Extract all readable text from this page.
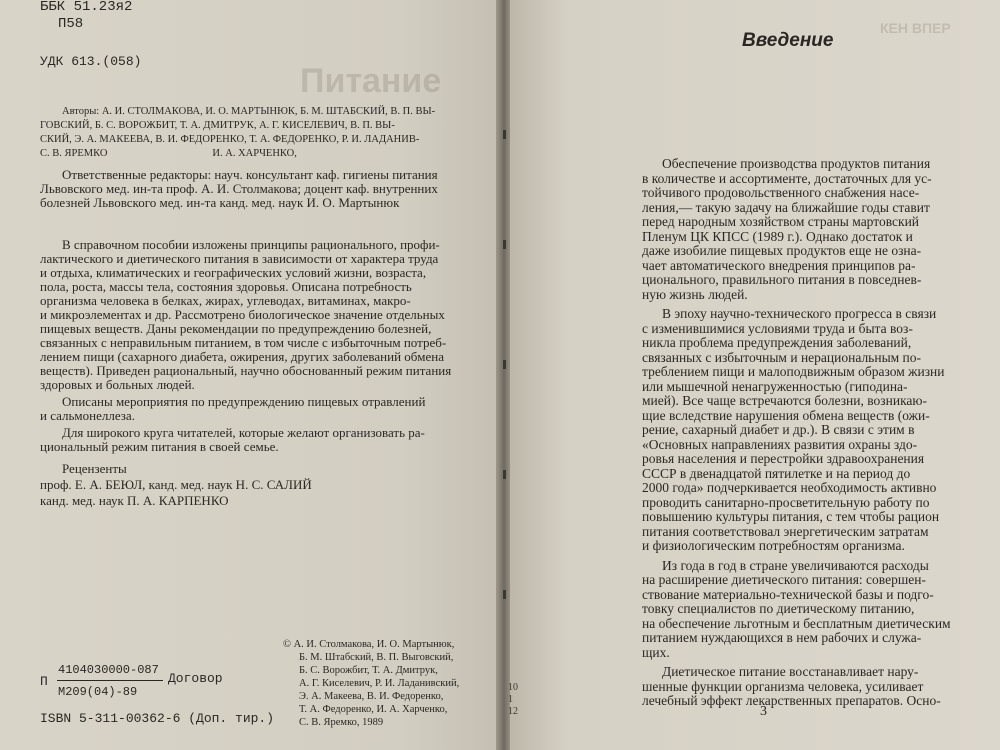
Питание
ББК 51.23я2
П58
УДК 613.(058)
Авторы: А. И. СТОЛМАКОВА, И. О. МАРТЫНЮК, Б. М. ШТАБСКИЙ, В. П. ВЫ-
ГОВСКИЙ, Б. С. ВОРОЖБИТ, Т. А. ДМИТРУК, А. Г. КИСЕЛЕВИЧ, В. П. ВЫ-
СКИЙ, Э. А. МАКЕЕВА, В. И. ФЕДОРЕНКО, Т. А. ФЕДОРЕНКО, Р. И. ЛАДАНИВ-
С. В. ЯРЕМКО                                        И. А. ХАРЧЕНКО,
Ответственные редакторы: науч. консультант каф. гигиены питания
Львовского мед. ин-та проф. А. И. Столмакова; доцент каф. внутренних
болезней Львовского мед. ин-та канд. мед. наук И. О. Мартынюк
В справочном пособии изложены принципы рационального, профи-
лактического и диетического питания в зависимости от характера труда
и отдыха, климатических и географических условий жизни, возраста,
пола, роста, массы тела, состояния здоровья. Описана потребность
организма человека в белках, жирах, углеводах, витаминах, макро-
и микроэлементах и др. Рассмотрено биологическое значение отдельных
пищевых веществ. Даны рекомендации по предупреждению болезней,
связанных с неправильным питанием, в том числе с избыточным потреб-
лением пищи (сахарного диабета, ожирения, других заболеваний обмена
веществ). Приведен рациональный, научно обоснованный режим питания
здоровых и больных людей.
Описаны мероприятия по предупреждению пищевых отравлений
и сальмонеллеза.
Для широкого круга читателей, которые желают организовать ра-
циональный режим питания в своей семье.
Рецензенты
проф. Е. А. БЕЮЛ, канд. мед. наук Н. С. САЛИЙ
канд. мед. наук П. А. КАРПЕНКО
© А. И. Столмакова, И. О. Мартынюк,
Б. М. Штабский, В. П. Выговский,
Б. С. Ворожбит, Т. А. Дмитрук,
А. Г. Киселевич, Р. И. Ладанивский,
Э. А. Макеева, В. И. Федоренко,
Т. А. Федоренко, И. А. Харченко,
С. В. Яремко, 1989
П
4104030000-087
М209(04)-89
Договор
ISBN 5-311-00362-6 (Доп. тир.)
КЕН ВПЕР
Введение
Обеспечение производства продуктов питания
в количестве и ассортименте, достаточных для ус-
тойчивого продовольственного снабжения насе-
ления,— такую задачу на ближайшие годы ставит
перед народным хозяйством страны мартовский
Пленум ЦК КПСС (1989 г.). Однако достаток и
даже изобилие пищевых продуктов еще не озна-
чает автоматического внедрения принципов ра-
ционального, правильного питания в повседнев-
ную жизнь людей.
В эпоху научно-технического прогресса в связи
с изменившимися условиями труда и быта воз-
никла проблема предупреждения заболеваний,
связанных с избыточным и нерациональным по-
треблением пищи и малоподвижным образом жизни
или мышечной ненагруженностью (гиподина-
мией). Все чаще встречаются болезни, возникаю-
щие вследствие нарушения обмена веществ (ожи-
рение, сахарный диабет и др.). В связи с этим в
«Основных направлениях развития охраны здо-
ровья населения и перестройки здравоохранения
СССР в двенадцатой пятилетке и на период до
2000 года» подчеркивается необходимость активно
проводить санитарно-просветительную работу по
повышению культуры питания, с тем чтобы рацион
питания соответствовал энергетическим затратам
и физиологическим потребностям организма.
Из года в год в стране увеличиваются расходы
на расширение диетического питания: совершен-
ствование материально-технической базы и подго-
товку специалистов по диетическому питанию,
на обеспечение льготным и бесплатным диетическим
питанием нуждающихся в нем рабочих и служа-
щих.
Диетическое питание восстанавливает нару-
шенные функции организма человека, усиливает
лечебный эффект лекарственных препаратов. Осно-
10
1
12	3
